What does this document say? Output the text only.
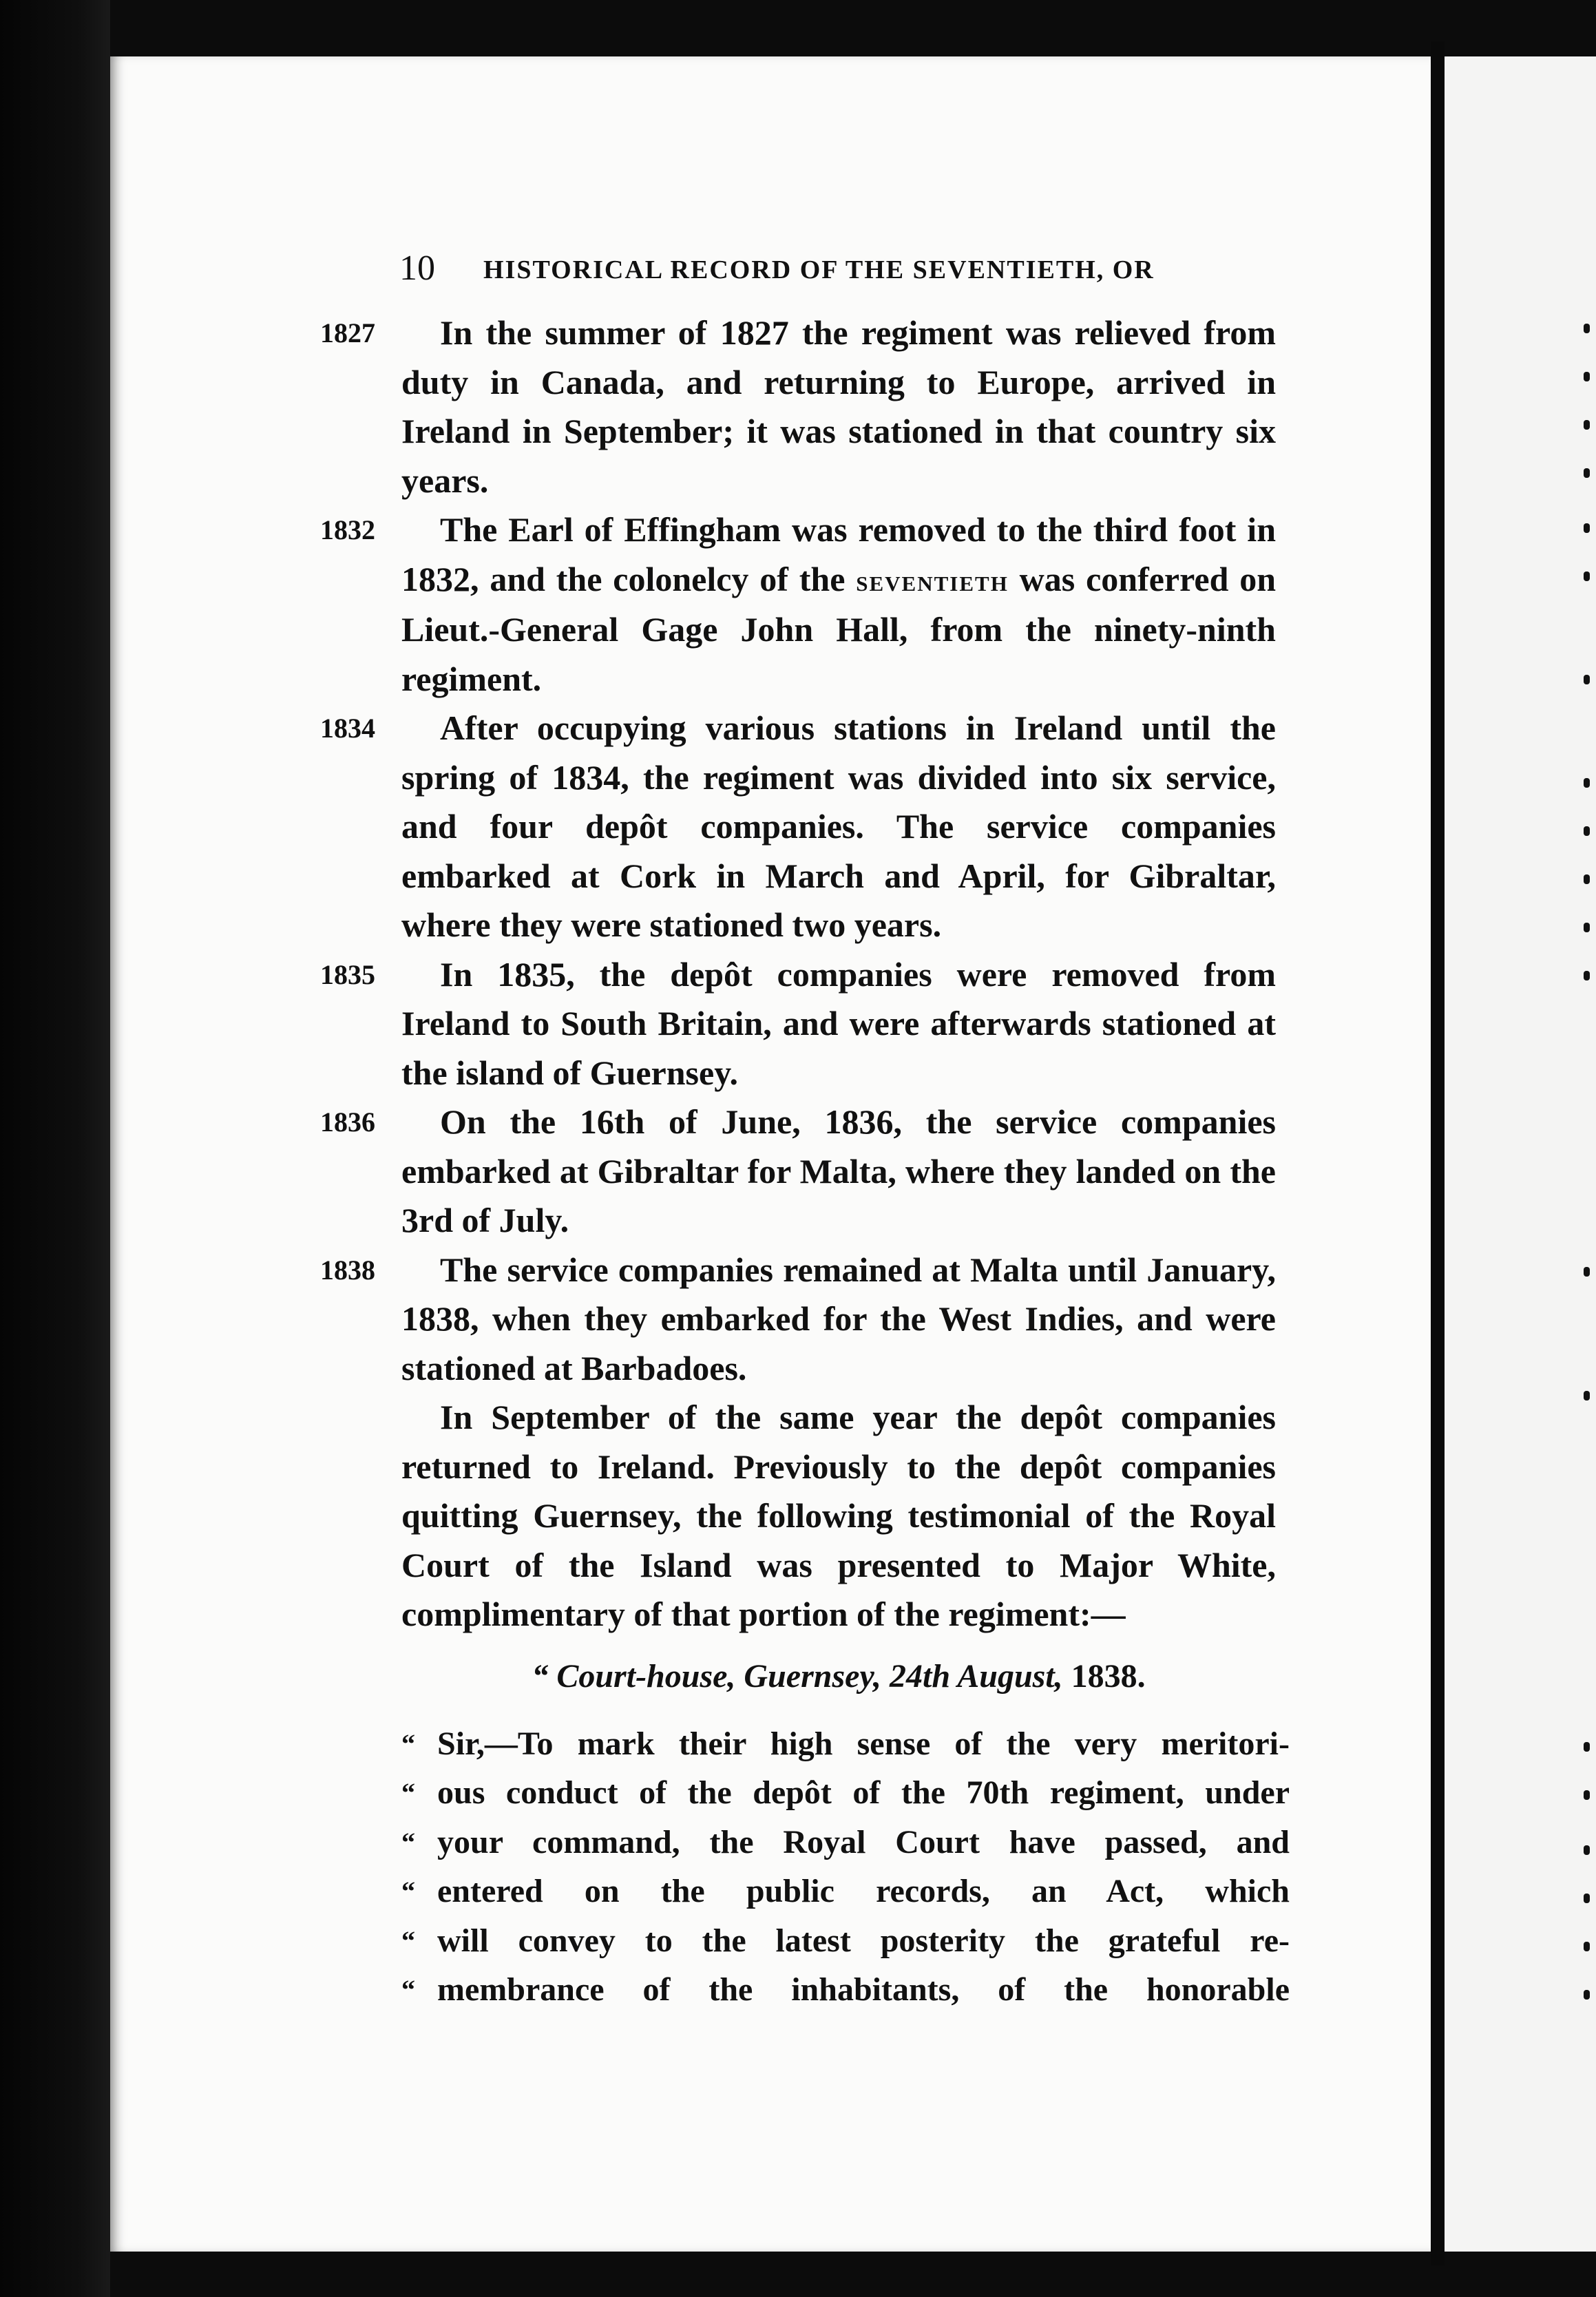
10 HISTORICAL RECORD OF THE SEVENTIETH, OR
1827	In the summer of 1827 the regiment was relieved from duty in Canada, and returning to Europe, arrived in Ireland in September; it was stationed in that country six years.

1832	The Earl of Effingham was removed to the third foot in 1832, and the colonelcy of the seventieth was conferred on Lieut.-General Gage John Hall, from the ninety-ninth regiment.

1834	After occupying various stations in Ireland until the spring of 1834, the regiment was divided into six service, and four depôt companies. The service companies embarked at Cork in March and April, for Gibraltar, where they were stationed two years.

1835	In 1835, the depôt companies were removed from Ireland to South Britain, and were afterwards stationed at the island of Guernsey.

1836	On the 16th of June, 1836, the service companies embarked at Gibraltar for Malta, where they landed on the 3rd of July.

1838	The service companies remained at Malta until January, 1838, when they embarked for the West Indies, and were stationed at Barbadoes.

In September of the same year the depôt companies returned to Ireland. Previously to the depôt companies quitting Guernsey, the following testimonial of the Royal Court of the Island was presented to Major White, complimentary of that portion of the regiment:—

“ Court-house, Guernsey, 24th August, 1838.
“ Sir,—To mark their high sense of the very meritori-
“ ous conduct of the depôt of the 70th regiment, under
“ your command, the Royal Court have passed, and
“ entered on the public records, an Act, which
“ will convey to the latest posterity the grateful re-
“ membrance of the inhabitants, of the honorable
